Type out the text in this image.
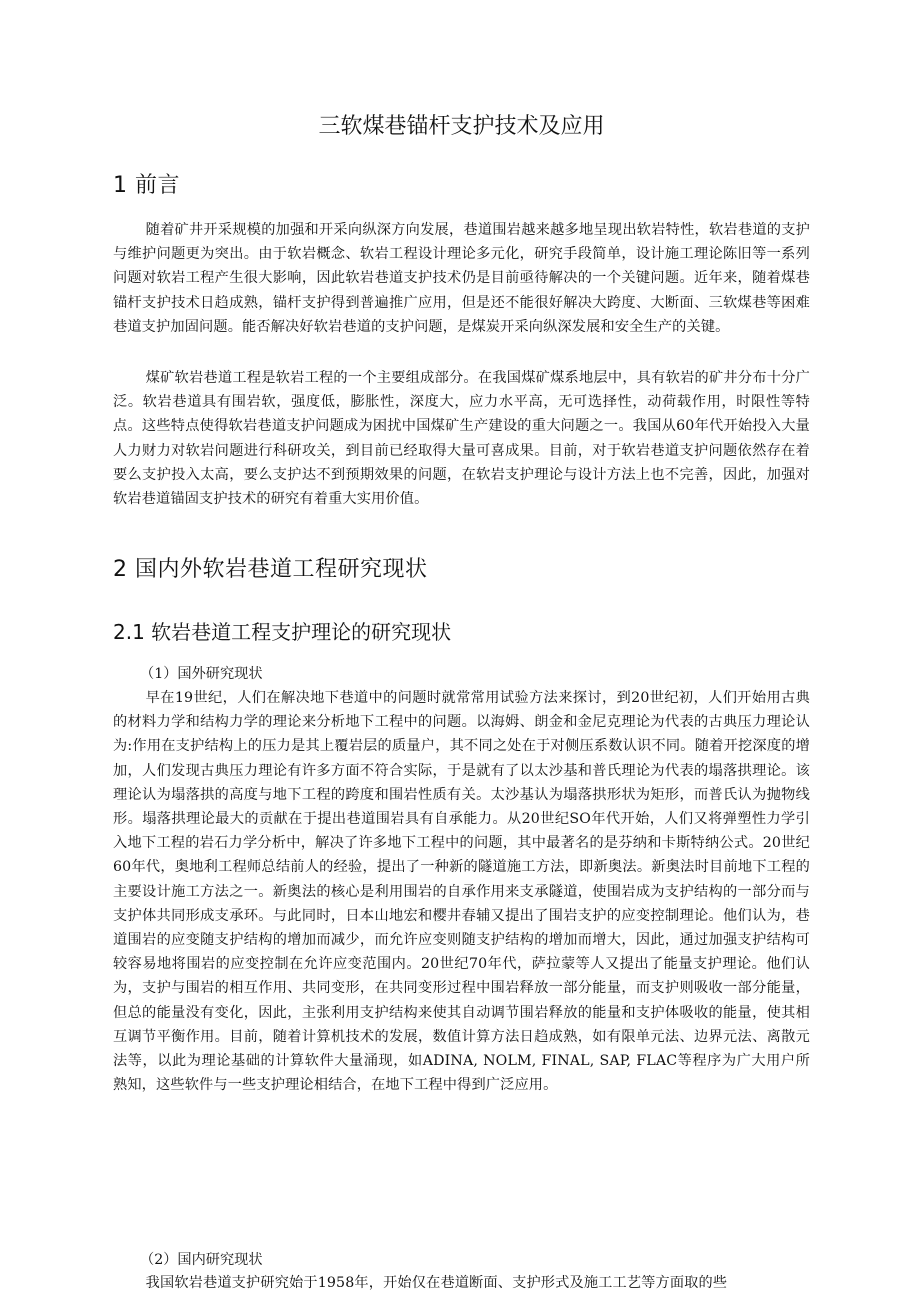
三软煤巷锚杆支护技术及应用
1 前言

随着矿井开采规模的加强和开采向纵深方向发展，巷道围岩越来越多地呈现出软岩特性，软岩巷道的支护与维护问题更为突出。由于软岩概念、软岩工程设计理论多元化，研究手段简单，设计施工理论陈旧等一系列问题对软岩工程产生很大影响，因此软岩巷道支护技术仍是目前亟待解决的一个关键问题。近年来，随着煤巷锚杆支护技术日趋成熟，锚杆支护得到普遍推广应用，但是还不能很好解决大跨度、大断面、三软煤巷等困难巷道支护加固问题。能否解决好软岩巷道的支护问题，是煤炭开采向纵深发展和安全生产的关键。

煤矿软岩巷道工程是软岩工程的一个主要组成部分。在我国煤矿煤系地层中，具有软岩的矿井分布十分广泛。软岩巷道具有围岩软，强度低，膨胀性，深度大，应力水平高，无可选择性，动荷载作用，时限性等特点。这些特点使得软岩巷道支护问题成为困扰中国煤矿生产建设的重大问题之一。我国从60年代开始投入大量人力财力对软岩问题进行科研攻关，到目前已经取得大量可喜成果。目前，对于软岩巷道支护问题依然存在着要么支护投入太高，要么支护达不到预期效果的问题，在软岩支护理论与设计方法上也不完善，因此，加强对软岩巷道锚固支护技术的研究有着重大实用价值。

2 国内外软岩巷道工程研究现状
2.1 软岩巷道工程支护理论的研究现状

（1）国外研究现状

早在19世纪，人们在解决地下巷道中的问题时就常常用试验方法来探讨，到20世纪初，人们开始用古典的材料力学和结构力学的理论来分析地下工程中的问题。以海姆、朗金和金尼克理论为代表的古典压力理论认为:作用在支护结构上的压力是其上覆岩层的质量户，其不同之处在于对侧压系数认识不同。随着开挖深度的增加，人们发现古典压力理论有许多方面不符合实际，于是就有了以太沙基和普氏理论为代表的塌落拱理论。该理论认为塌落拱的高度与地下工程的跨度和围岩性质有关。太沙基认为塌落拱形状为矩形，而普氏认为抛物线形。塌落拱理论最大的贡献在于提出巷道围岩具有自承能力。从20世纪SO年代开始，人们又将弹塑性力学引入地下工程的岩石力学分析中，解决了许多地下工程中的问题，其中最著名的是芬纳和卡斯特纳公式。20世纪60年代，奥地利工程师总结前人的经验，提出了一种新的隧道施工方法，即新奥法。新奥法时目前地下工程的主要设计施工方法之一。新奥法的核心是利用围岩的自承作用来支承隧道，使围岩成为支护结构的一部分而与支护体共同形成支承环。与此同时，日本山地宏和樱井春辅又提出了围岩支护的应变控制理论。他们认为，巷道围岩的应变随支护结构的增加而减少，而允许应变则随支护结构的增加而增大，因此，通过加强支护结构可较容易地将围岩的应变控制在允许应变范围内。20世纪70年代，萨拉蒙等人又提出了能量支护理论。他们认为，支护与围岩的相互作用、共同变形，在共同变形过程中围岩释放一部分能量，而支护则吸收一部分能量，但总的能量没有变化，因此，主张利用支护结构来使其自动调节围岩释放的能量和支护体吸收的能量，使其相互调节平衡作用。目前，随着计算机技术的发展，数值计算方法日趋成熟，如有限单元法、边界元法、离散元法等，以此为理论基础的计算软件大量涌现，如ADINA, NOLM, FINAL, SAP, FLAC等程序为广大用户所熟知，这些软件与一些支护理论相结合，在地下工程中得到广泛应用。

（2）国内研究现状

我国软岩巷道支护研究始于1958年，开始仅在巷道断面、支护形式及施工工艺等方面取的些
